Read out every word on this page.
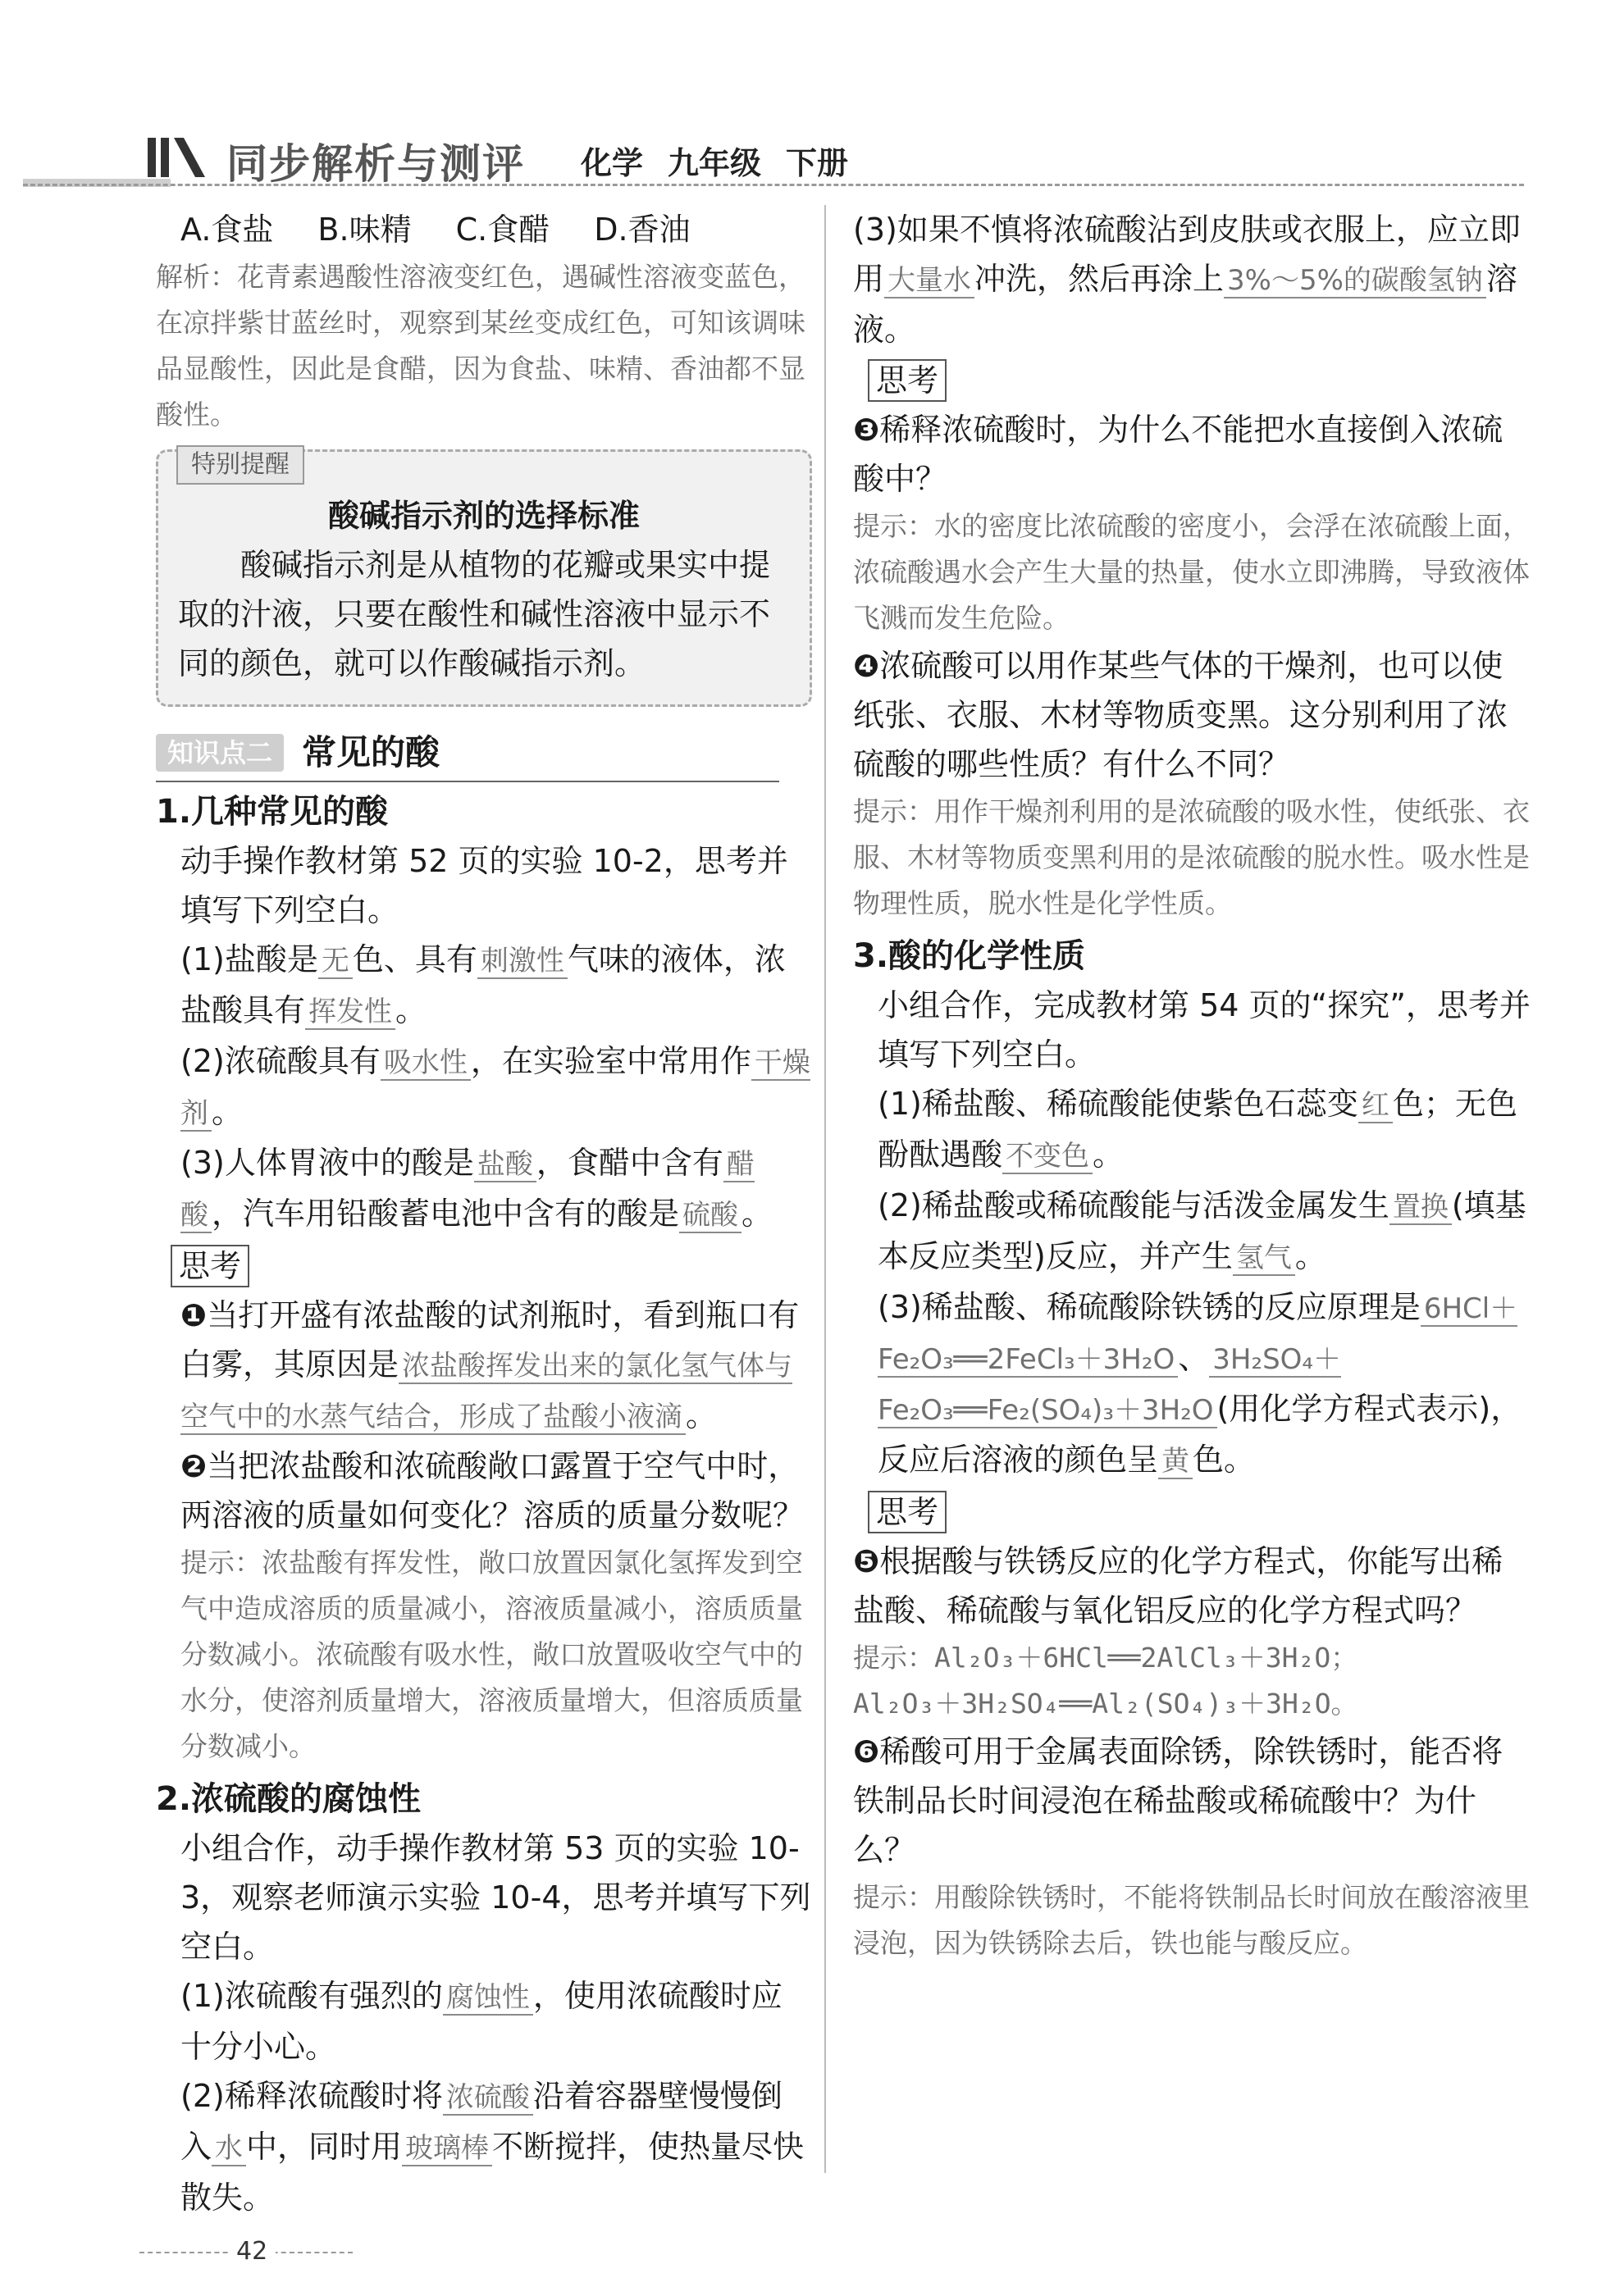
同步解析与测评 化学 九年级 下册

A.食盐 B.味精 C.食醋 D.香油

解析：花青素遇酸性溶液变红色，遇碱性溶液变蓝色，在凉拌紫甘蓝丝时，观察到某丝变成红色，可知该调味品显酸性，因此是食醋，因为食盐、味精、香油都不显酸性。

特别提醒
酸碱指示剂的选择标准
酸碱指示剂是从植物的花瓣或果实中提取的汁液，只要在酸性和碱性溶液中显示不同的颜色，就可以作酸碱指示剂。
知识点二 常见的酸

1.几种常见的酸

动手操作教材第 52 页的实验 10-2，思考并填写下列空白。

(1)盐酸是 无 色、具有 刺激性 气味的液体，浓盐酸具有 挥发性 。

(2)浓硫酸具有 吸水性 ，在实验室中常用作 干燥剂 。

(3)人体胃液中的酸是 盐酸 ，食醋中含有 醋酸 ，汽车用铅酸蓄电池中含有的酸是 硫酸 。

思考

❶当打开盛有浓盐酸的试剂瓶时，看到瓶口有白雾，其原因是 浓盐酸挥发出来的氯化氢气体与空气中的水蒸气结合，形成了盐酸小液滴 。

❷当把浓盐酸和浓硫酸敞口露置于空气中时，两溶液的质量如何变化？溶质的质量分数呢？

提示：浓盐酸有挥发性，敞口放置因氯化氢挥发到空气中造成溶质的质量减小，溶液质量减小，溶质质量分数减小。浓硫酸有吸水性，敞口放置吸收空气中的水分，使溶剂质量增大，溶液质量增大，但溶质质量分数减小。

2.浓硫酸的腐蚀性

小组合作，动手操作教材第 53 页的实验 10-3，观察老师演示实验 10-4，思考并填写下列空白。

(1)浓硫酸有强烈的 腐蚀性 ，使用浓硫酸时应十分小心。

(2)稀释浓硫酸时将 浓硫酸 沿着容器壁慢慢倒入 水 中，同时用 玻璃棒 不断搅拌，使热量尽快散失。

(3)如果不慎将浓硫酸沾到皮肤或衣服上，应立即用 大量水 冲洗，然后再涂上 3%～5%的碳酸氢钠 溶液。

思考

❸稀释浓硫酸时，为什么不能把水直接倒入浓硫酸中？

提示：水的密度比浓硫酸的密度小，会浮在浓硫酸上面，浓硫酸遇水会产生大量的热量，使水立即沸腾，导致液体飞溅而发生危险。

❹浓硫酸可以用作某些气体的干燥剂，也可以使纸张、衣服、木材等物质变黑。这分别利用了浓硫酸的哪些性质？有什么不同？

提示：用作干燥剂利用的是浓硫酸的吸水性，使纸张、衣服、木材等物质变黑利用的是浓硫酸的脱水性。吸水性是物理性质，脱水性是化学性质。

3.酸的化学性质

小组合作，完成教材第 54 页的“探究”，思考并填写下列空白。

(1)稀盐酸、稀硫酸能使紫色石蕊变 红 色；无色酚酞遇酸 不变色 。

(2)稀盐酸或稀硫酸能与活泼金属发生 置换 (填基本反应类型)反应，并产生 氢气 。

(3)稀盐酸、稀硫酸除铁锈的反应原理是 6HCl＋Fe₂O₃══2FeCl₃＋3H₂O 、 3H₂SO₄＋Fe₂O₃══Fe₂(SO₄)₃＋3H₂O (用化学方程式表示)，反应后溶液的颜色呈 黄 色。

思考

❺根据酸与铁锈反应的化学方程式，你能写出稀盐酸、稀硫酸与氧化铝反应的化学方程式吗？

提示：Al₂O₃＋6HCl══2AlCl₃＋3H₂O；

Al₂O₃＋3H₂SO₄══Al₂(SO₄)₃＋3H₂O。

❻稀酸可用于金属表面除锈，除铁锈时，能否将铁制品长时间浸泡在稀盐酸或稀硫酸中？为什么？

提示：用酸除铁锈时，不能将铁制品长时间放在酸溶液里浸泡，因为铁锈除去后，铁也能与酸反应。

42
